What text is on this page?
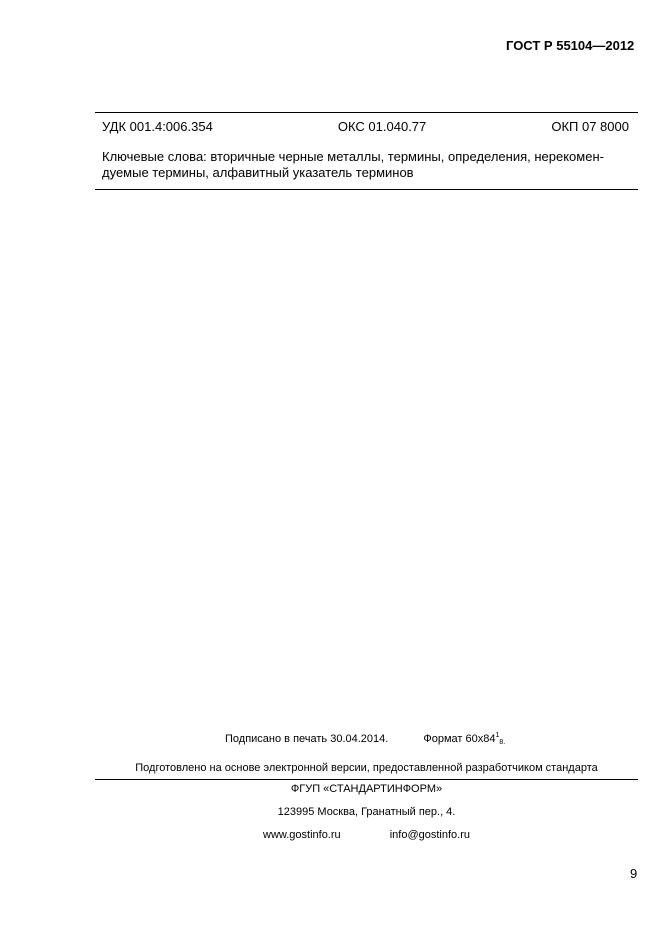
ГОСТ Р 55104—2012
УДК 001.4:006.354	ОКС 01.040.77	ОКП 07 8000
Ключевые слова: вторичные черные металлы, термины, определения, нерекомен-
дуемые термины, алфавитный указатель терминов
Подписано в печать 30.04.2014.	Формат $60х84^1_{8.}$
Подготовлено на основе электронной версии, предоставленной разработчиком стандарта
ФГУП «СТАНДАРТИНФОРМ»
123995 Москва, Гранатный пер., 4.
www.gostinfo.ru	info@gostinfo.ru
9
